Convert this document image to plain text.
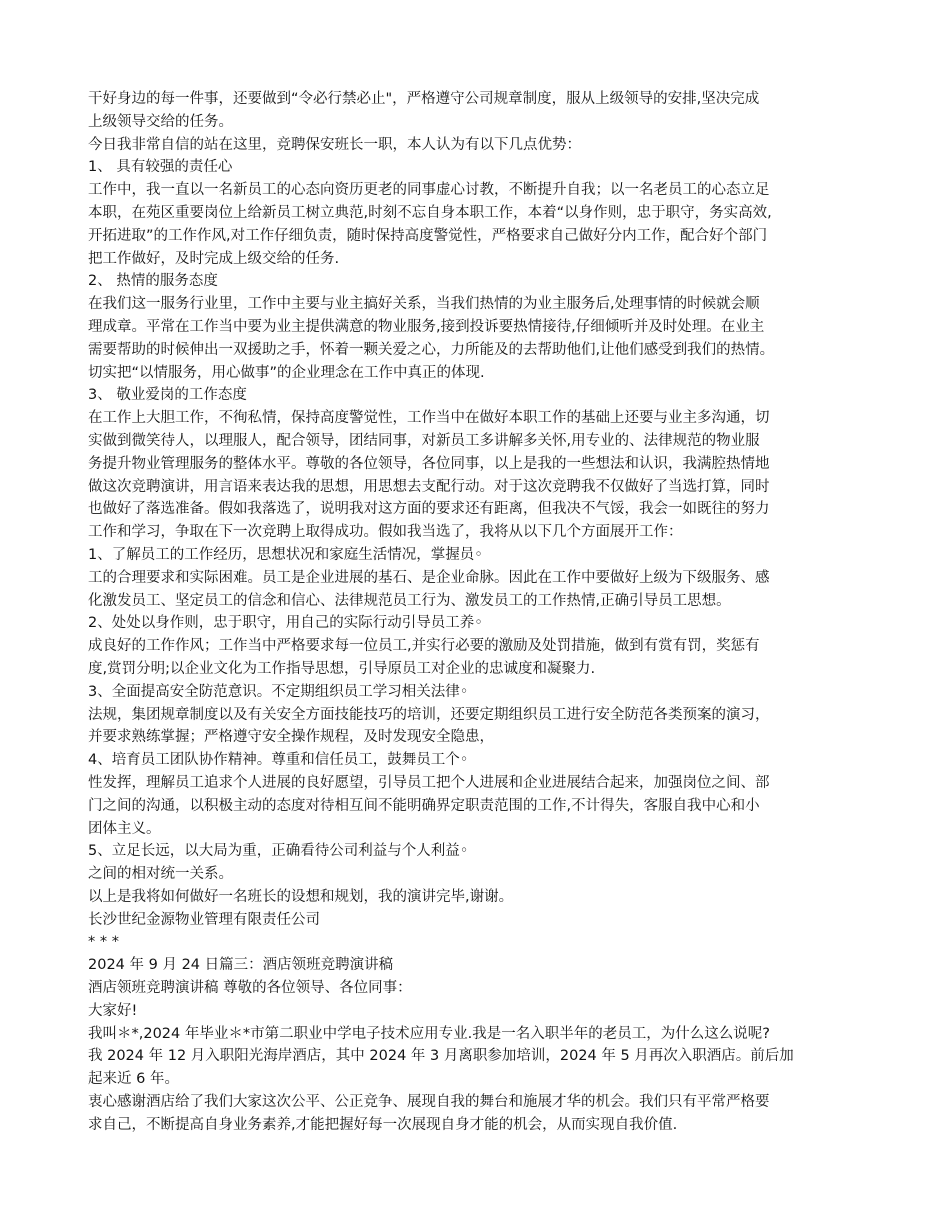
干好身边的每一件事，还要做到“令必行禁必止"，严格遵守公司规章制度，服从上级领导的安排,坚决完成
上级领导交给的任务。
今日我非常自信的站在这里，竞聘保安班长一职，本人认为有以下几点优势：
1、 具有较强的责任心
工作中，我一直以一名新员工的心态向资历更老的同事虚心讨教，不断提升自我；以一名老员工的心态立足
本职，在苑区重要岗位上给新员工树立典范,时刻不忘自身本职工作，本着“以身作则，忠于职守，务实高效,
开拓进取”的工作作风,对工作仔细负责，随时保持高度警觉性，严格要求自己做好分内工作，配合好个部门
把工作做好，及时完成上级交给的任务.
2、 热情的服务态度
在我们这一服务行业里，工作中主要与业主搞好关系，当我们热情的为业主服务后,处理事情的时候就会顺
理成章。平常在工作当中要为业主提供满意的物业服务,接到投诉要热情接待,仔细倾听并及时处理。在业主
需要帮助的时候伸出一双援助之手，怀着一颗关爱之心，力所能及的去帮助他们,让他们感受到我们的热情。
切实把“以情服务，用心做事”的企业理念在工作中真正的体现.
3、 敬业爱岗的工作态度
在工作上大胆工作，不徇私情，保持高度警觉性，工作当中在做好本职工作的基础上还要与业主多沟通，切
实做到微笑待人，以理服人，配合领导，团结同事，对新员工多讲解多关怀,用专业的、法律规范的物业服
务提升物业管理服务的整体水平。尊敬的各位领导，各位同事，以上是我的一些想法和认识，我满腔热情地
做这次竞聘演讲，用言语来表达我的思想，用思想去支配行动。对于这次竞聘我不仅做好了当选打算，同时
也做好了落选准备。假如我落选了，说明我对这方面的要求还有距离，但我决不气馁，我会一如既往的努力
工作和学习，争取在下一次竞聘上取得成功。假如我当选了，我将从以下几个方面展开工作：
1、了解员工的工作经历，思想状况和家庭生活情况，掌握员◦
工的合理要求和实际困难。员工是企业进展的基石、是企业命脉。因此在工作中要做好上级为下级服务、感
化激发员工、坚定员工的信念和信心、法律规范员工行为、激发员工的工作热情,正确引导员工思想。
2、处处以身作则，忠于职守，用自己的实际行动引导员工养◦
成良好的工作作风；工作当中严格要求每一位员工,并实行必要的激励及处罚措施，做到有赏有罚，奖惩有
度,赏罚分明;以企业文化为工作指导思想，引导原员工对企业的忠诚度和凝聚力.
3、全面提高安全防范意识。不定期组织员工学习相关法律◦
法规，集团规章制度以及有关安全方面技能技巧的培训，还要定期组织员工进行安全防范各类预案的演习，
并要求熟练掌握；严格遵守安全操作规程，及时发现安全隐患，
4、培育员工团队协作精神。尊重和信任员工，鼓舞员工个◦
性发挥，理解员工追求个人进展的良好愿望，引导员工把个人进展和企业进展结合起来，加强岗位之间、部
门之间的沟通，以积极主动的态度对待相互间不能明确界定职责范围的工作,不计得失，客服自我中心和小
团体主义。
5、立足长远，以大局为重，正确看待公司利益与个人利益◦
之间的相对统一关系。
以上是我将如何做好一名班长的设想和规划，我的演讲完毕,谢谢。
长沙世纪金源物业管理有限责任公司
* * *
2024 年 9 月 24 日篇三：酒店领班竞聘演讲稿
酒店领班竞聘演讲稿 尊敬的各位领导、各位同事：
大家好!
我叫＊*,2024 年毕业＊*市第二职业中学电子技术应用专业.我是一名入职半年的老员工，为什么这么说呢?
我 2024 年 12 月入职阳光海岸酒店，其中 2024 年 3 月离职参加培训，2024 年 5 月再次入职酒店。前后加
起来近 6 年。
衷心感谢酒店给了我们大家这次公平、公正竞争、展现自我的舞台和施展才华的机会。我们只有平常严格要
求自己，不断提高自身业务素养,才能把握好每一次展现自身才能的机会，从而实现自我价值.
